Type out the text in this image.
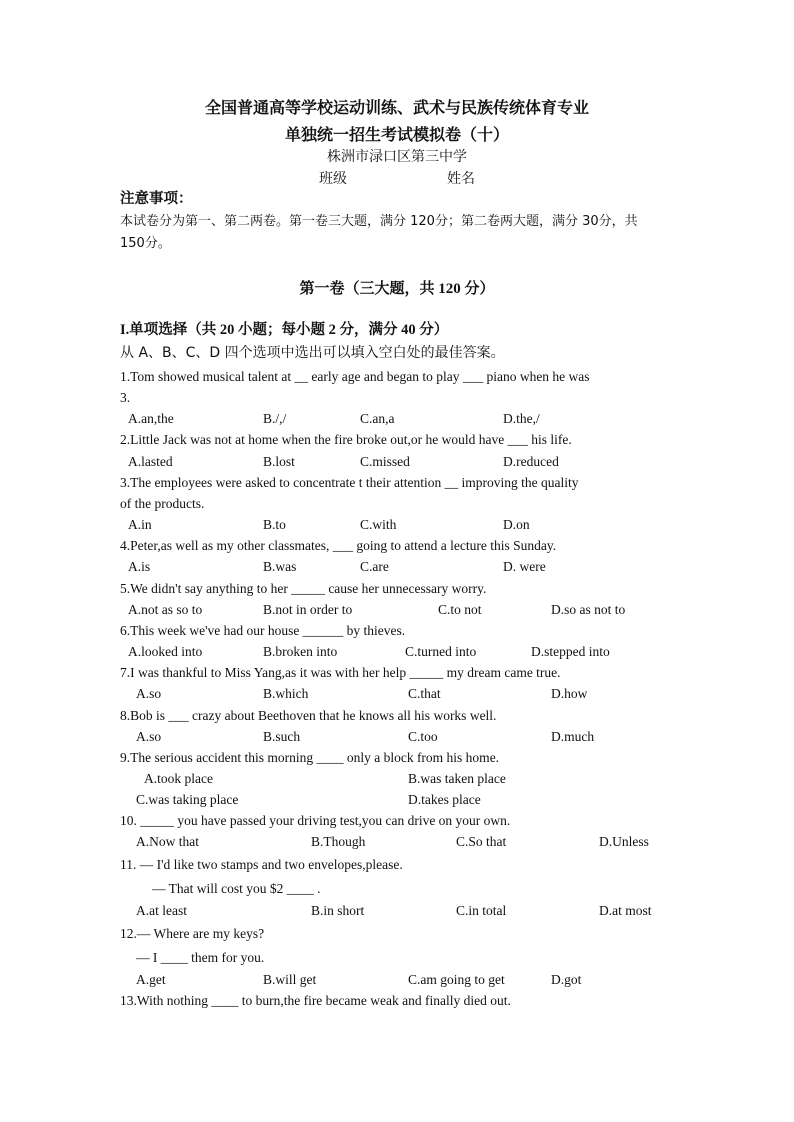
全国普通高等学校运动训练、武术与民族传统体育专业
单独统一招生考试模拟卷（十）
株洲市渌口区第三中学
班级	姓名
注意事项：
本试卷分为第一、第二两卷。第一卷三大题，满分 120分；第二卷两大题，满分 30分，共
150分。
第一卷（三大题，共 120 分）
I.单项选择（共 20 小题；每小题 2 分，满分 40 分）
从 A、B、C、D 四个选项中选出可以填入空白处的最佳答案。
1.Tom showed musical talent at __ early age and began to play ___ piano when he was
3.
A.an,the	B./,/	C.an,a	D.the,/
2.Little Jack was not at home when the fire broke out,or he would have ___ his life.
A.lasted	B.lost	C.missed	D.reduced
3.The employees were asked to concentrate t their attention __ improving the quality
of the products.
A.in	B.to	C.with	D.on
4.Peter,as well as my other classmates, ___ going to attend a lecture this Sunday.
A.is	B.was	C.are	D. were
5.We didn't say anything to her _____ cause her unnecessary worry.
A.not as so to	B.not in order to	C.to not	D.so as not to
6.This week we've had our house ______ by thieves.
A.looked into	B.broken into	C.turned into	D.stepped into
7.I was thankful to Miss Yang,as it was with her help _____ my dream came true.
A.so	B.which	C.that	D.how
8.Bob is ___ crazy about Beethoven that he knows all his works well.
A.so	B.such	C.too	D.much
9.The serious accident this morning ____ only a block from his home.
A.took place	B.was taken place
C.was taking place	D.takes place
10. _____ you have passed your driving test,you can drive on your own.
A.Now that	B.Though	C.So that	D.Unless
11. — I'd like two stamps and two envelopes,please.
— That will cost you $2 ____ .
A.at least	B.in short	C.in total	D.at most
12.— Where are my keys?
— I ____ them for you.
A.get	B.will get	C.am going to get	D.got
13.With nothing ____ to burn,the fire became weak and finally died out.
